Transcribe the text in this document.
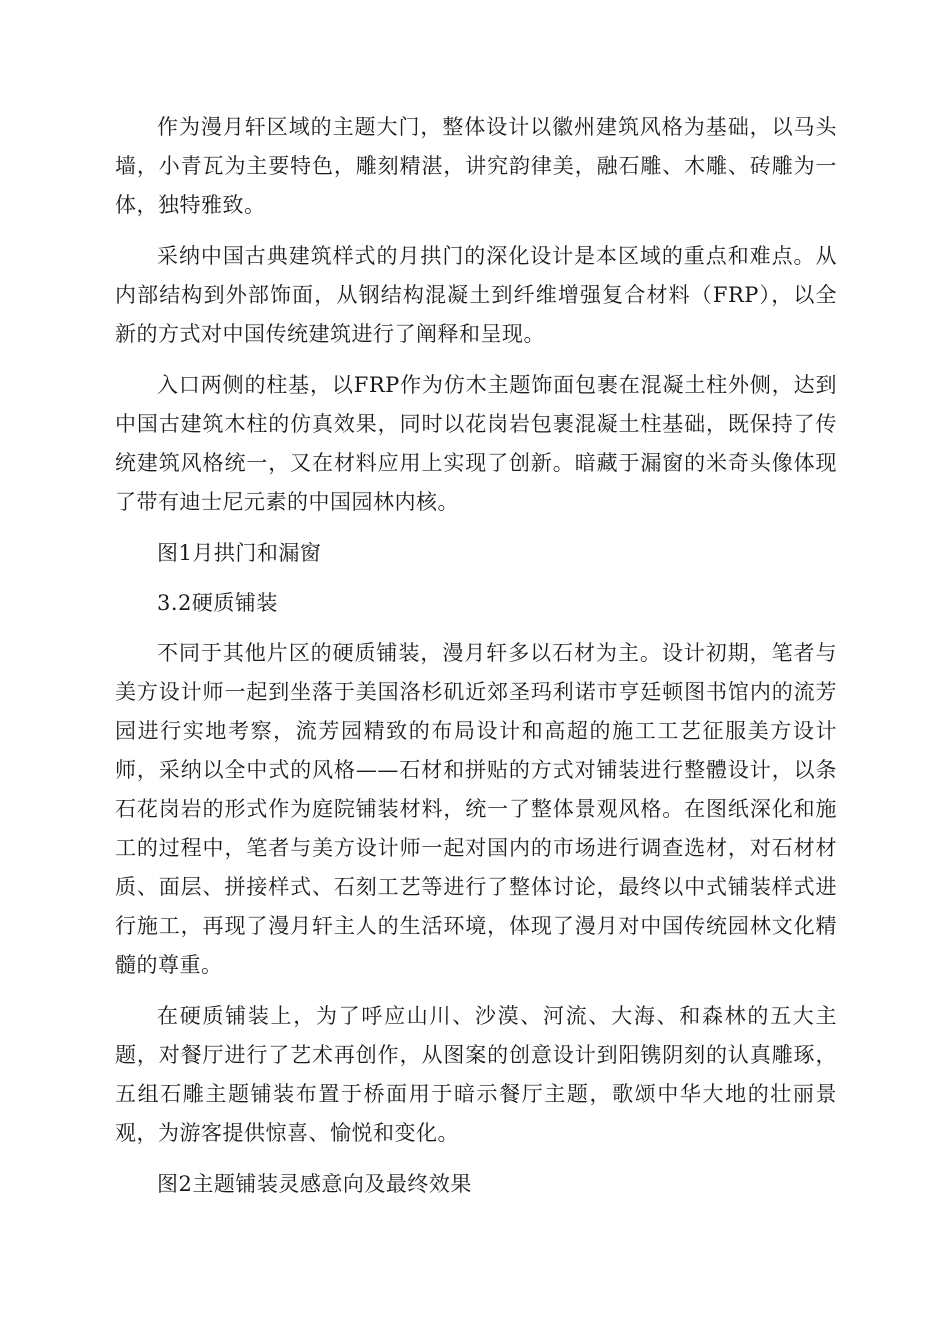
作为漫月轩区域的主题大门，整体设计以徽州建筑风格为基础，以马头墙，小青瓦为主要特色，雕刻精湛，讲究韵律美，融石雕、木雕、砖雕为一体，独特雅致。

采纳中国古典建筑样式的月拱门的深化设计是本区域的重点和难点。从内部结构到外部饰面，从钢结构混凝土到纤维增强复合材料（FRP），以全新的方式对中国传统建筑进行了阐释和呈现。

入口两侧的柱基，以FRP作为仿木主题饰面包裹在混凝土柱外侧，达到中国古建筑木柱的仿真效果，同时以花岗岩包裹混凝土柱基础，既保持了传统建筑风格统一，又在材料应用上实现了创新。暗藏于漏窗的米奇头像体现了带有迪士尼元素的中国园林内核。

图1月拱门和漏窗

3.2硬质铺装

不同于其他片区的硬质铺装，漫月轩多以石材为主。设计初期，笔者与美方设计师一起到坐落于美国洛杉矶近郊圣玛利诺市亨廷顿图书馆内的流芳园进行实地考察，流芳园精致的布局设计和高超的施工工艺征服美方设计师，采纳以全中式的风格——石材和拼贴的方式对铺装进行整體设计，以条石花岗岩的形式作为庭院铺装材料，统一了整体景观风格。在图纸深化和施工的过程中，笔者与美方设计师一起对国内的市场进行调查选材，对石材材质、面层、拼接样式、石刻工艺等进行了整体讨论，最终以中式铺装样式进行施工，再现了漫月轩主人的生活环境，体现了漫月对中国传统园林文化精髓的尊重。

在硬质铺装上，为了呼应山川、沙漠、河流、大海、和森林的五大主题，对餐厅进行了艺术再创作，从图案的创意设计到阳镌阴刻的认真雕琢，五组石雕主题铺装布置于桥面用于暗示餐厅主题，歌颂中华大地的壮丽景观，为游客提供惊喜、愉悦和变化。

图2主题铺装灵感意向及最终效果
